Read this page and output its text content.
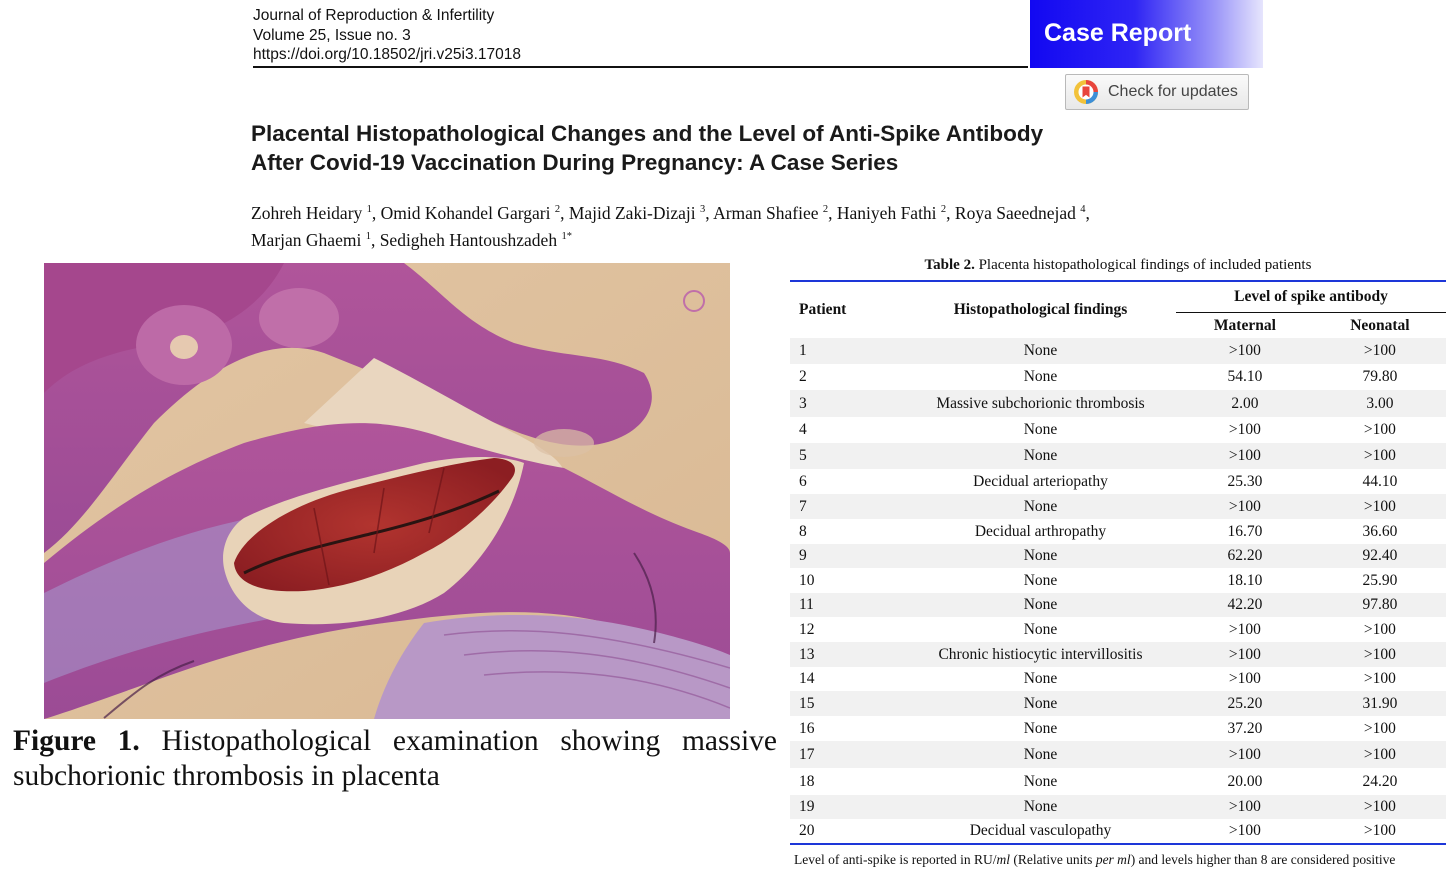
Journal of Reproduction & Infertility
Volume 25, Issue no. 3
https://doi.org/10.18502/jri.v25i3.17018
Case Report
Check for updates
Placental Histopathological Changes and the Level of Anti-Spike Antibody
After Covid-19 Vaccination During Pregnancy: A Case Series
Zohreh Heidary $^1$, Omid Kohandel Gargari $^2$, Majid Zaki-Dizaji $^3$, Arman Shafiee $^2$, Haniyeh Fathi $^2$, Roya Saeednejad $^4$,
Marjan Ghaemi $^1$, Sedigheh Hantoushzadeh $^{1*}$

Figure 1. Histopathological examination showing massive subchorionic thrombosis in placenta

Table 2. Placenta histopathological findings of included patients
Patient	Histopathological findings	Level of spike antibody	
		Maternal	Neonatal
1	None	>100	>100
2	None	54.10	79.80
3	Massive subchorionic thrombosis	2.00	3.00
4	None	>100	>100
5	None	>100	>100
6	Decidual arteriopathy	25.30	44.10
7	None	>100	>100
8	Decidual arthropathy	16.70	36.60
9	None	62.20	92.40
10	None	18.10	25.90
11	None	42.20	97.80
12	None	>100	>100
13	Chronic histiocytic intervillositis	>100	>100
14	None	>100	>100
15	None	25.20	31.90
16	None	37.20	>100
17	None	>100	>100
18	None	20.00	24.20
19	None	>100	>100
20	Decidual vasculopathy	>100	>100
Level of anti-spike is reported in RU/ml (Relative units per ml) and levels higher than 8 are considered positive
